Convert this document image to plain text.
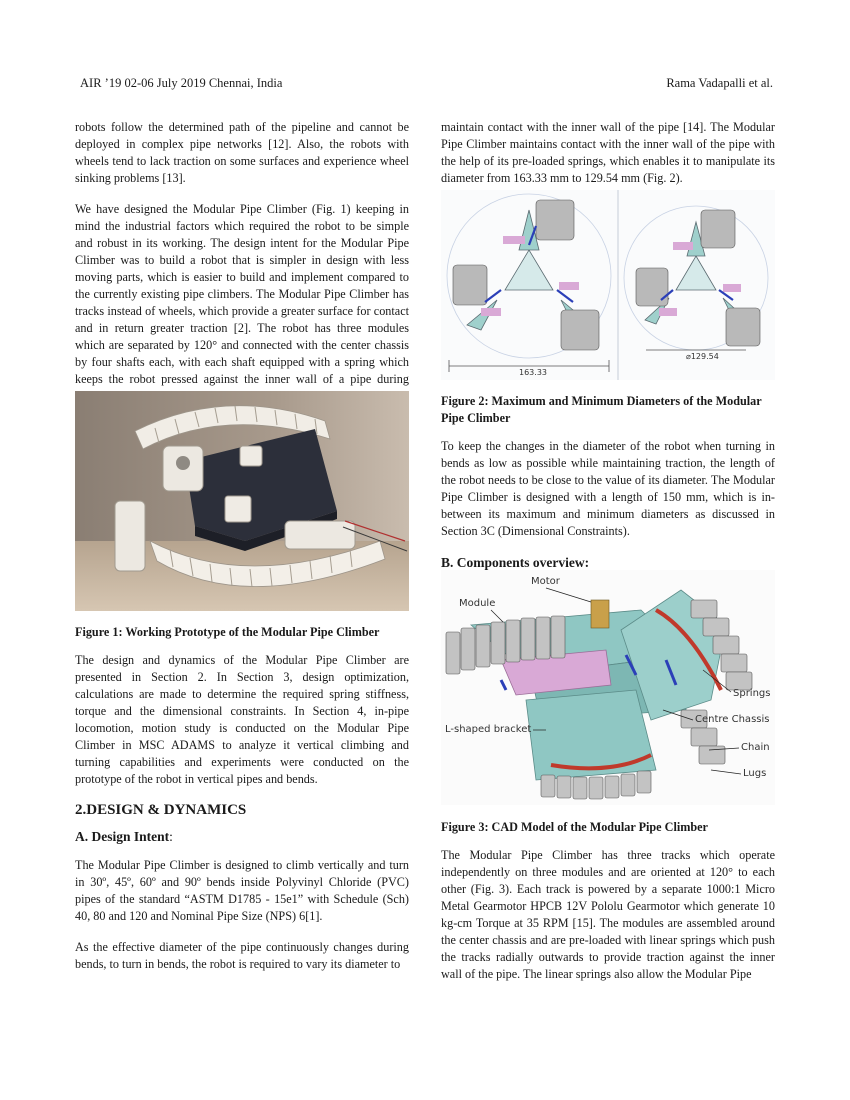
AIR ’19 02-06 July 2019 Chennai, India	Rama Vadapalli et al.

robots follow the determined path of the pipeline and cannot be deployed in complex pipe networks [12]. Also, the robots with wheels tend to lack traction on some surfaces and experience wheel sinking problems [13].

We have designed the Modular Pipe Climber (Fig. 1) keeping in mind the industrial factors which required the robot to be simple and robust in its working. The design intent for the Modular Pipe Climber was to build a robot that is simpler in design with less moving parts, which is easier to build and implement compared to the currently existing pipe climbers. The Modular Pipe Climber has tracks instead of wheels, which provide a greater surface for contact and in return greater traction [2]. The robot has three modules which are separated by 120° and connected with the center chassis by four shafts each, with each shaft equipped with a spring which keeps the robot pressed against the inner wall of a pipe during

Figure 1: Working Prototype of the Modular Pipe Climber

The design and dynamics of the Modular Pipe Climber are presented in Section 2. In Section 3, design optimization, calculations are made to determine the required spring stiffness, torque and the dimensional constraints. In Section 4, in-pipe locomotion, motion study is conducted on the Modular Pipe Climber in MSC ADAMS to analyze it vertical climbing and turning capabilities and experiments were conducted on the prototype of the robot in vertical pipes and bends.

2.DESIGN & DYNAMICS

A. Design Intent:

The Modular Pipe Climber is designed to climb vertically and turn in 30º, 45º, 60º and 90º bends inside Polyvinyl Chloride (PVC) pipes of the standard “ASTM D1785 - 15e1” with Schedule (Sch) 40, 80 and 120 and Nominal Pipe Size (NPS) 6[1].

As the effective diameter of the pipe continuously changes during bends, to turn in bends, the robot is required to vary its diameter to

maintain contact with the inner wall of the pipe [14]. The Modular Pipe Climber maintains contact with the inner wall of the pipe with the help of its pre-loaded springs, which enables it to manipulate its diameter from 163.33 mm to 129.54 mm (Fig. 2).

163.33
⌀129.54

Figure 2: Maximum and Minimum Diameters of the Modular Pipe Climber

To keep the changes in the diameter of the robot when turning in bends as low as possible while maintaining traction, the length of the robot needs to be close to the value of its diameter. The Modular Pipe Climber is designed with a length of 150 mm, which is in-between its maximum and minimum diameters as discussed in Section 3C (Dimensional Constraints).

B. Components overview:

Motor
Module
Springs
Centre Chassis
L-shaped bracket
Chain
Lugs

Figure 3: CAD Model of the Modular Pipe Climber

The Modular Pipe Climber has three tracks which operate independently on three modules and are oriented at 120° to each other (Fig. 3). Each track is powered by a separate 1000:1 Micro Metal Gearmotor HPCB 12V Pololu Gearmotor which generate 10 kg-cm Torque at 35 RPM [15]. The modules are assembled around the center chassis and are pre-loaded with linear springs which push the tracks radially outwards to provide traction against the inner wall of the pipe. The linear springs also allow the Modular Pipe
